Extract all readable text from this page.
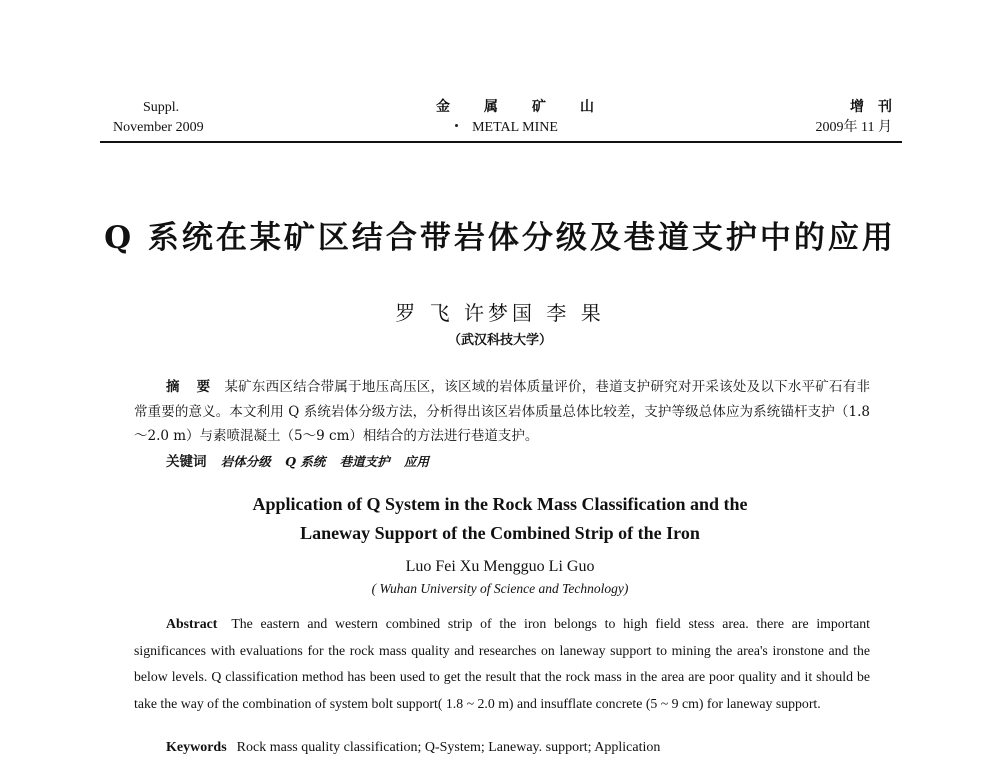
Suppl.
November 2009
金属矿山
METAL MINE
增刊
2009年 11 月
Q 系统在某矿区结合带岩体分级及巷道支护中的应用
罗 飞 许梦国 李 果
（武汉科技大学）
摘 要 某矿东西区结合带属于地压高压区，该区域的岩体质量评价，巷道支护研究对开采该处及以下水平矿石有非常重要的意义。本文利用 Q 系统岩体分级方法，分析得出该区岩体质量总体比较差，支护等级总体应为系统锚杆支护（1.8～2.0 m）与素喷混凝土（5～9 cm）相结合的方法进行巷道支护。
关键词 岩体分级 Q 系统 巷道支护 应用
Application of Q System in the Rock Mass Classification and the
Laneway Support of the Combined Strip of the Iron
Luo Fei Xu Mengguo Li Guo
( Wuhan University of Science and Technology)
Abstract The eastern and western combined strip of the iron belongs to high field stess area. there are important significances with evaluations for the rock mass quality and researches on laneway support to mining the area's ironstone and the below levels. Q classification method has been used to get the result that the rock mass in the area are poor quality and it should be take the way of the combination of system bolt support( 1.8 ~ 2.0 m) and insufflate concrete (5 ~ 9 cm) for laneway support.
Keywords Rock mass quality classification; Q-System; Laneway. support; Application
